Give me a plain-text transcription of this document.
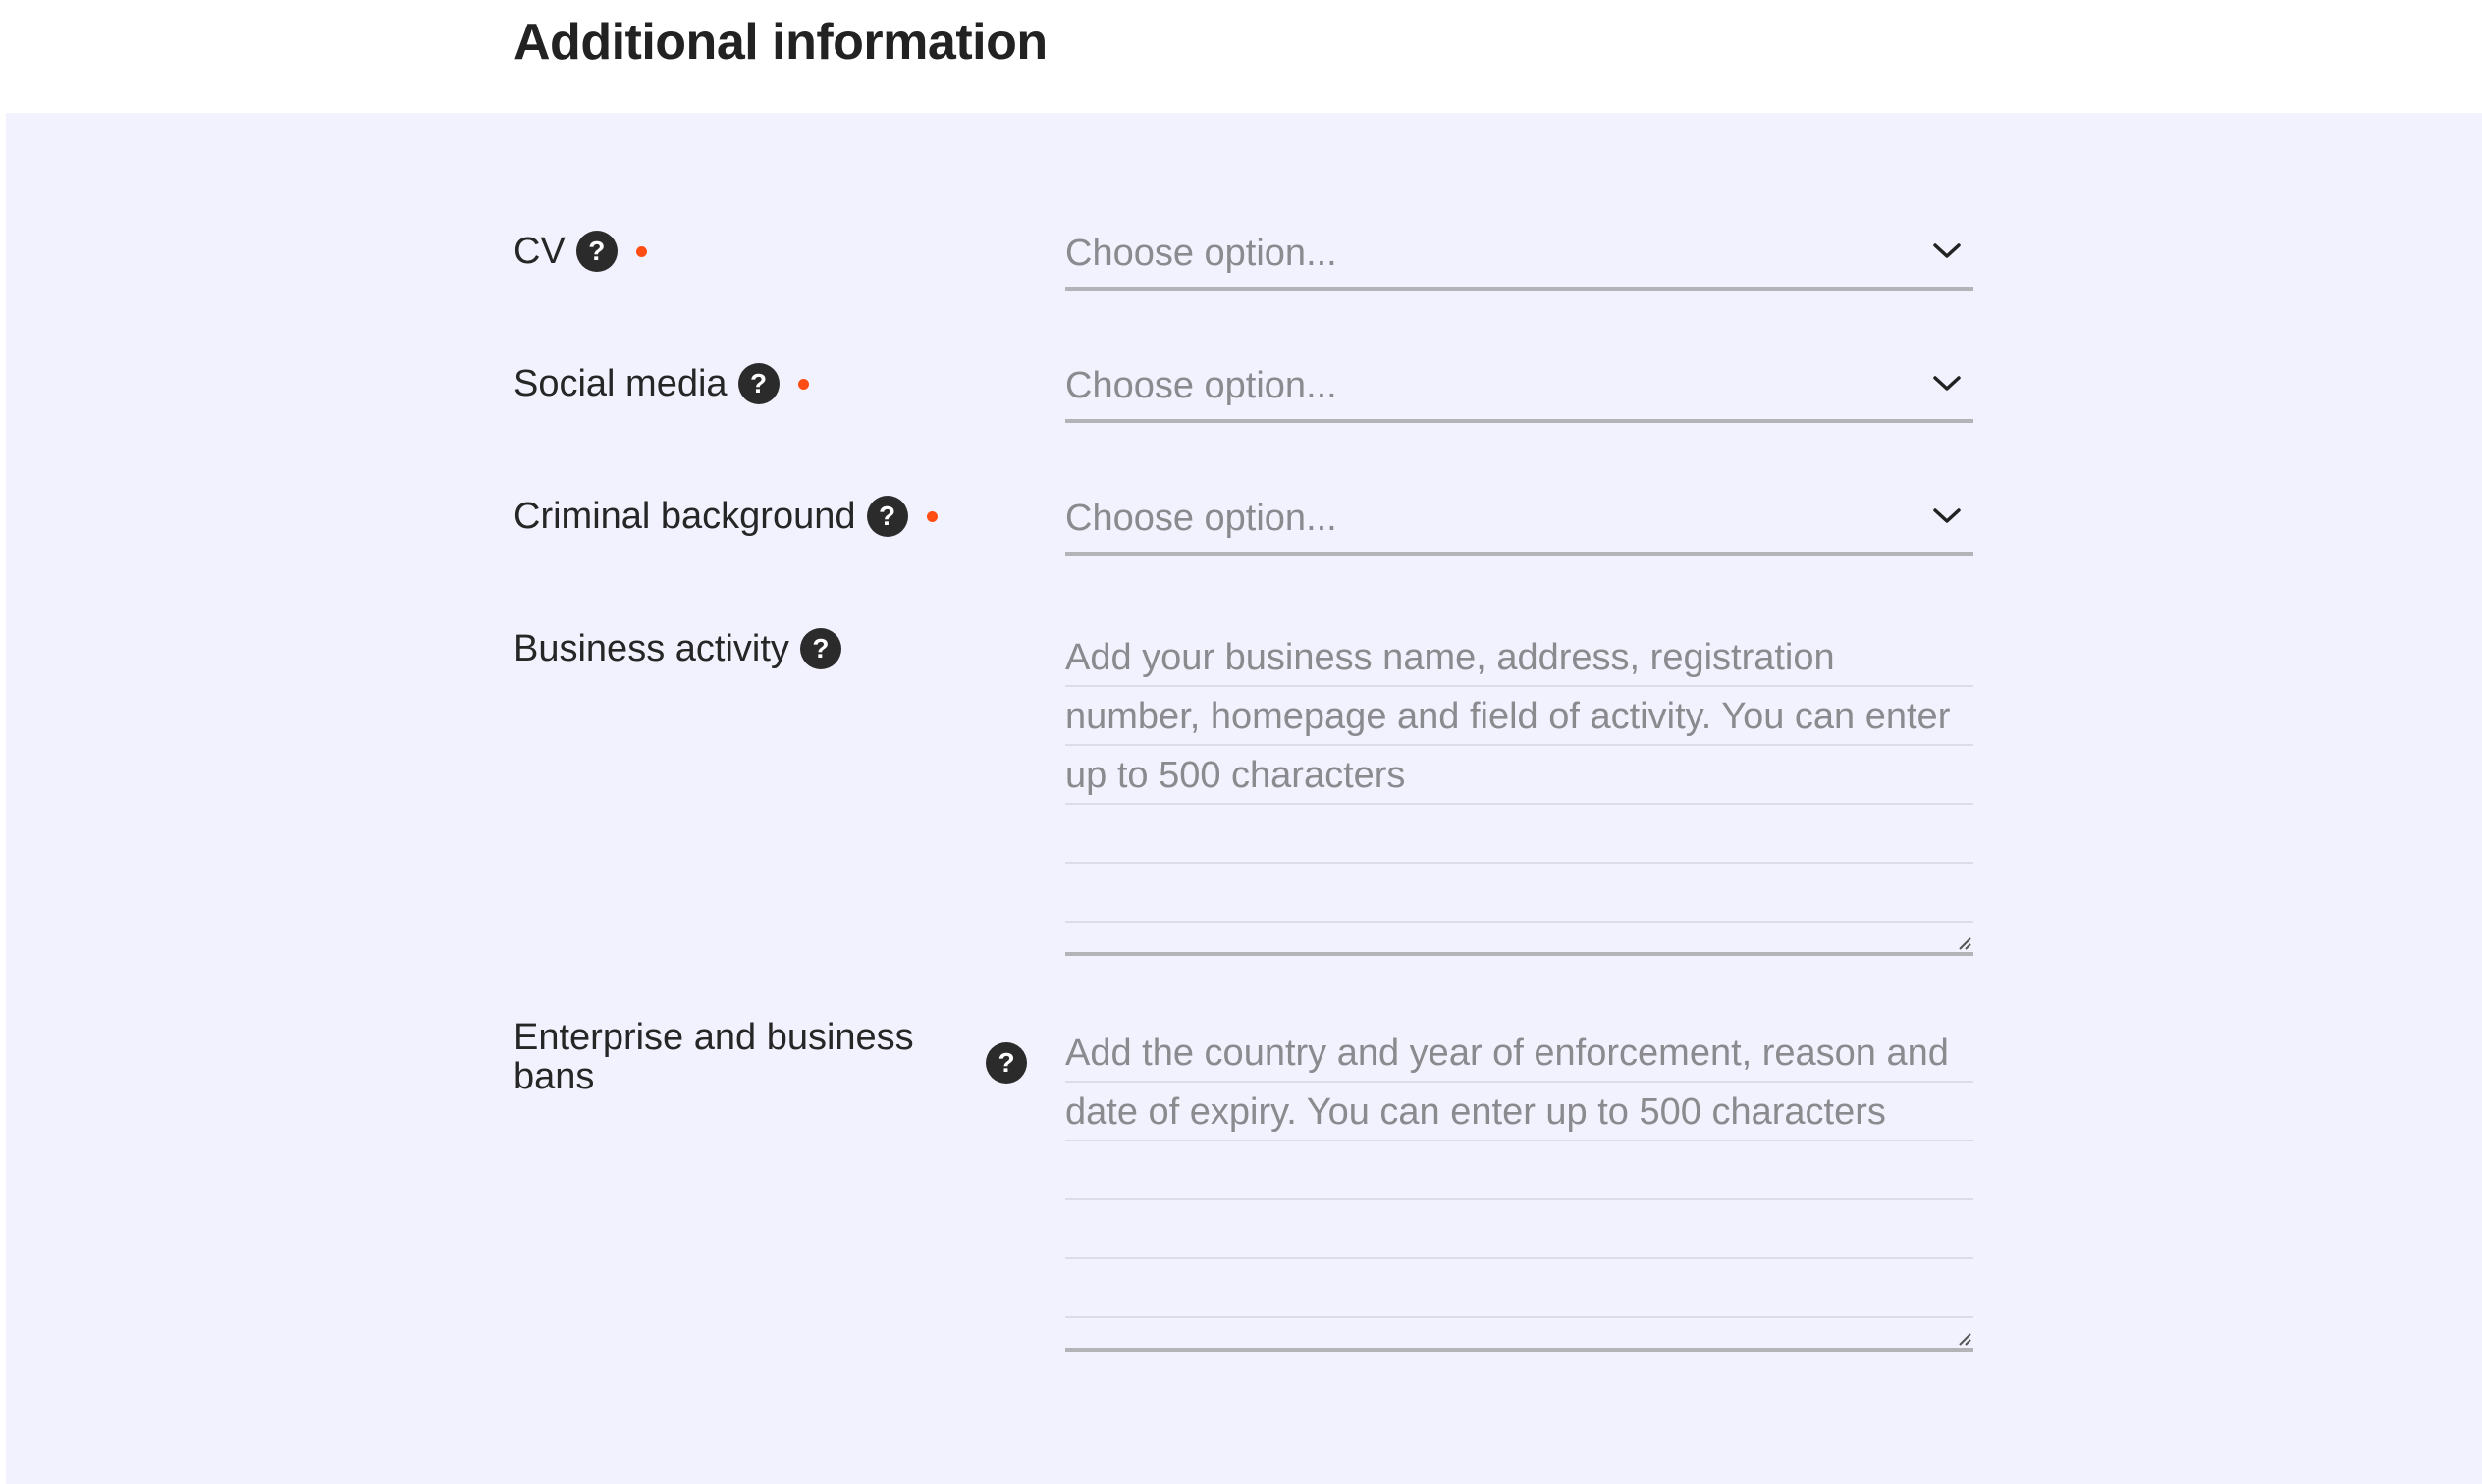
Additional information
CV ?	Choose option...
Social media ?	Choose option...
Criminal background ?	Choose option...
Business activity ?	Add your business name, address, registration number, homepage and field of activity. You can enter up to 500 characters
Enterprise and business bans	?	Add the country and year of enforcement, reason and date of expiry. You can enter up to 500 characters
